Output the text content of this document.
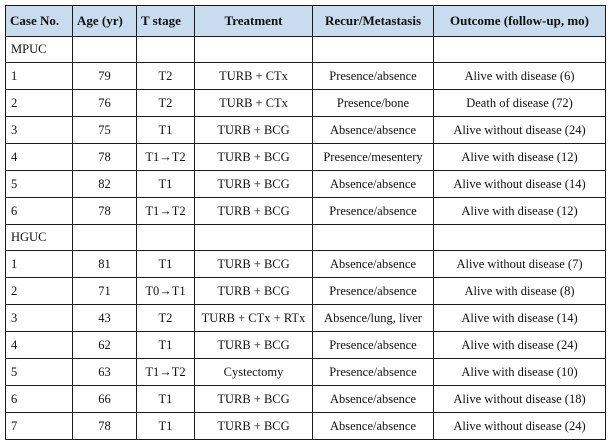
Case No.	Age (yr)	T stage	Treatment	Recur/Metastasis	Outcome (follow-up, mo)
MPUC					
1	79	T2	TURB + CTx	Presence/absence	Alive with disease (6)
2	76	T2	TURB + CTx	Presence/bone	Death of disease (72)
3	75	T1	TURB + BCG	Absence/absence	Alive without disease (24)
4	78	T1→T2	TURB + BCG	Presence/mesentery	Alive with disease (12)
5	82	T1	TURB + BCG	Absence/absence	Alive without disease (14)
6	78	T1→T2	TURB + BCG	Presence/absence	Alive with disease (12)
HGUC					
1	81	T1	TURB + BCG	Absence/absence	Alive without disease (7)
2	71	T0→T1	TURB + BCG	Presence/absence	Alive with disease (8)
3	43	T2	TURB + CTx + RTx	Absence/lung, liver	Alive with disease (14)
4	62	T1	TURB + BCG	Presence/absence	Alive with disease (24)
5	63	T1→T2	Cystectomy	Presence/absence	Alive with disease (10)
6	66	T1	TURB + BCG	Absence/absence	Alive without disease (18)
7	78	T1	TURB + BCG	Absence/absence	Alive without disease (24)
